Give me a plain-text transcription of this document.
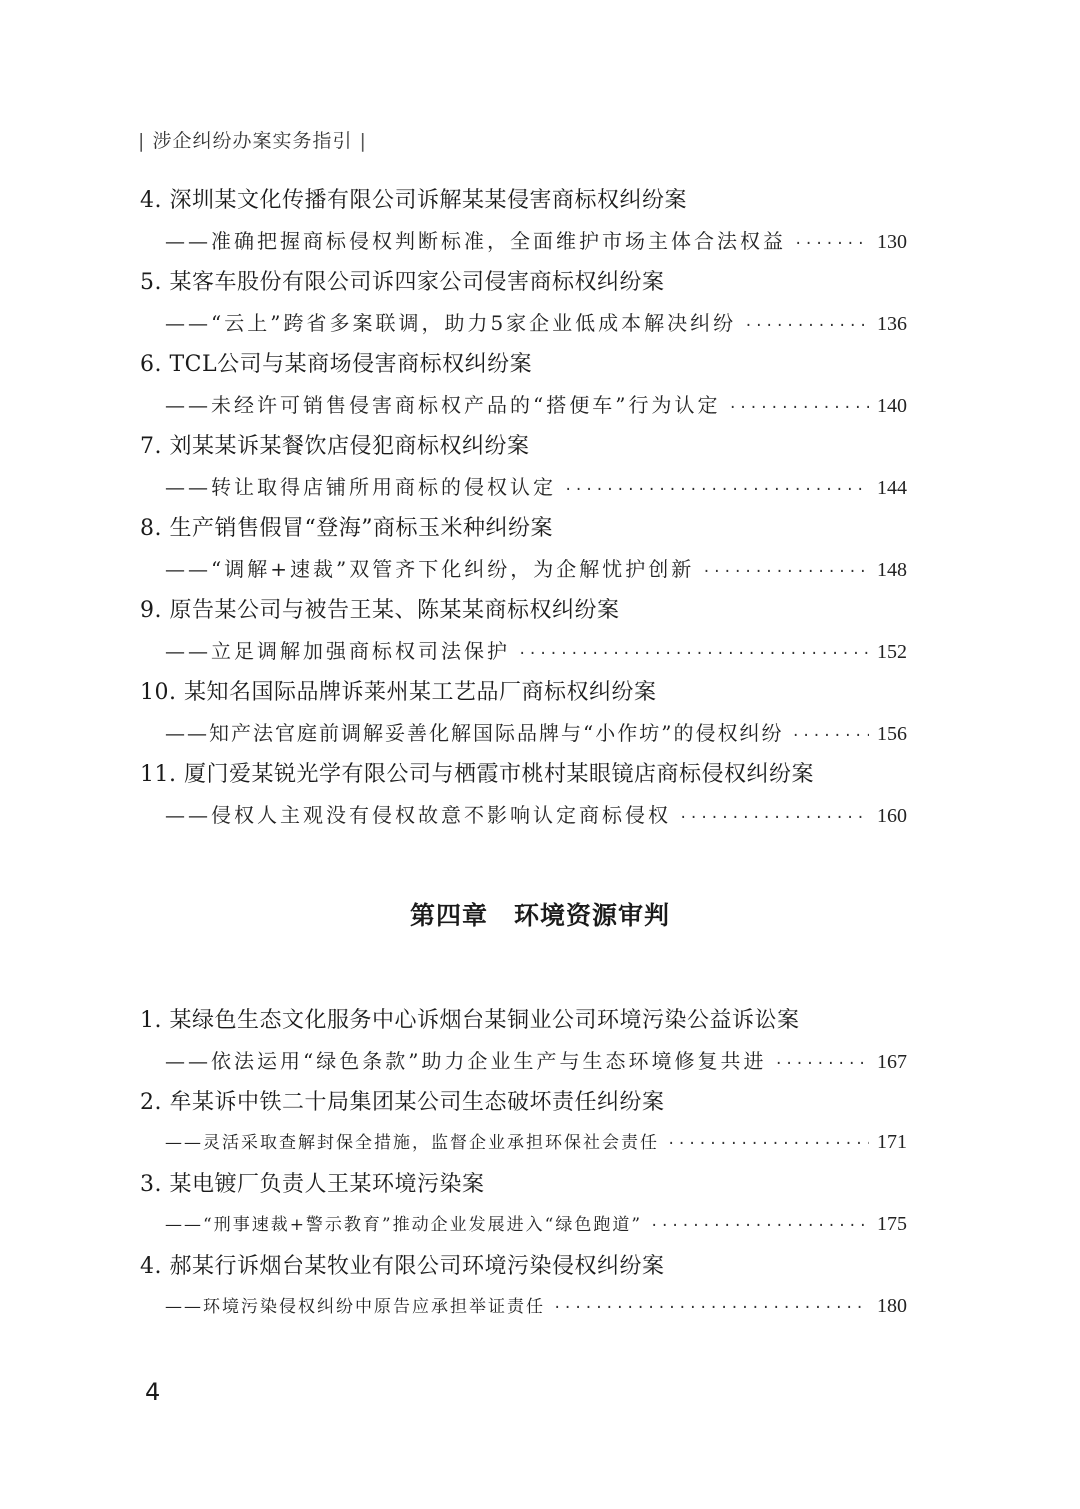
| 涉企纠纷办案实务指引 |
4. 深圳某文化传播有限公司诉解某某侵害商标权纠纷案
——准确把握商标侵权判断标准，全面维护市场主体合法权益 ·····	130
5. 某客车股份有限公司诉四家公司侵害商标权纠纷案
——“云上”跨省多案联调，助力5家企业低成本解决纠纷 ·····	136
6. TCL公司与某商场侵害商标权纠纷案
——未经许可销售侵害商标权产品的“搭便车”行为认定 ·····	140
7. 刘某某诉某餐饮店侵犯商标权纠纷案
——转让取得店铺所用商标的侵权认定 ·····	144
8. 生产销售假冒“登海”商标玉米种纠纷案
——“调解+速裁”双管齐下化纠纷，为企解忧护创新 ·····	148
9. 原告某公司与被告王某、陈某某商标权纠纷案
——立足调解加强商标权司法保护 ·····	152
10. 某知名国际品牌诉莱州某工艺品厂商标权纠纷案
——知产法官庭前调解妥善化解国际品牌与“小作坊”的侵权纠纷 ·····	156
11. 厦门爱某锐光学有限公司与栖霞市桃村某眼镜店商标侵权纠纷案
——侵权人主观没有侵权故意不影响认定商标侵权 ·····	160
第四章　环境资源审判
1. 某绿色生态文化服务中心诉烟台某铜业公司环境污染公益诉讼案
——依法运用“绿色条款”助力企业生产与生态环境修复共进 ·····	167
2. 牟某诉中铁二十局集团某公司生态破坏责任纠纷案
——灵活采取查解封保全措施，监督企业承担环保社会责任 ·····	171
3. 某电镀厂负责人王某环境污染案
——“刑事速裁+警示教育”推动企业发展进入“绿色跑道” ·····	175
4. 郝某行诉烟台某牧业有限公司环境污染侵权纠纷案
——环境污染侵权纠纷中原告应承担举证责任 ·····	180
4
